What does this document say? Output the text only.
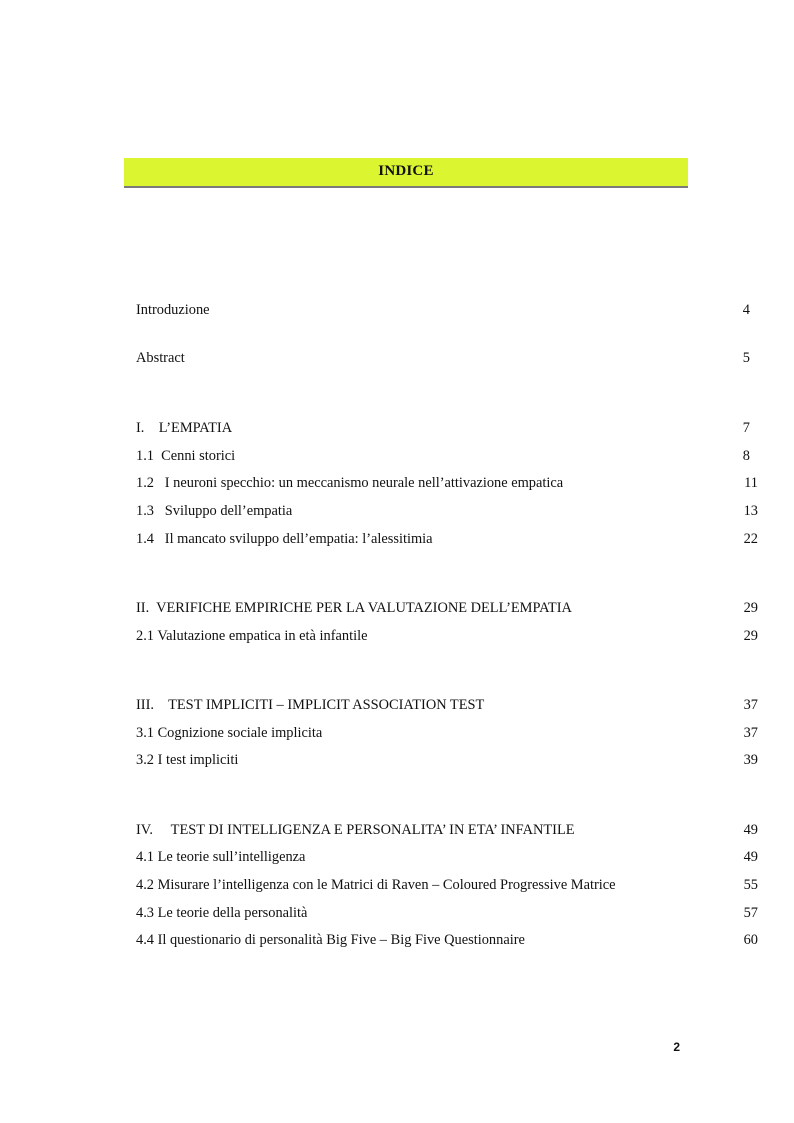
INDICE
Introduzione	4
Abstract	5
I.    L’EMPATIA	7
1.1  Cenni storici	8
1.2   I neuroni specchio: un meccanismo neurale nell’attivazione empatica	11
1.3   Sviluppo dell’empatia	13
1.4   Il mancato sviluppo dell’empatia: l’alessitimia	22
II.  VERIFICHE EMPIRICHE PER LA VALUTAZIONE DELL’EMPATIA	29
2.1 Valutazione empatica in età infantile	29
III.    TEST IMPLICITI – IMPLICIT ASSOCIATION TEST	37
3.1 Cognizione sociale implicita	37
3.2 I test impliciti	39
IV.     TEST DI INTELLIGENZA E PERSONALITA’ IN ETA’ INFANTILE	49
4.1 Le teorie sull’intelligenza	49
4.2 Misurare l’intelligenza con le Matrici di Raven – Coloured Progressive Matrice	55
4.3 Le teorie della personalità	57
4.4 Il questionario di personalità Big Five – Big Five Questionnaire	60
2
